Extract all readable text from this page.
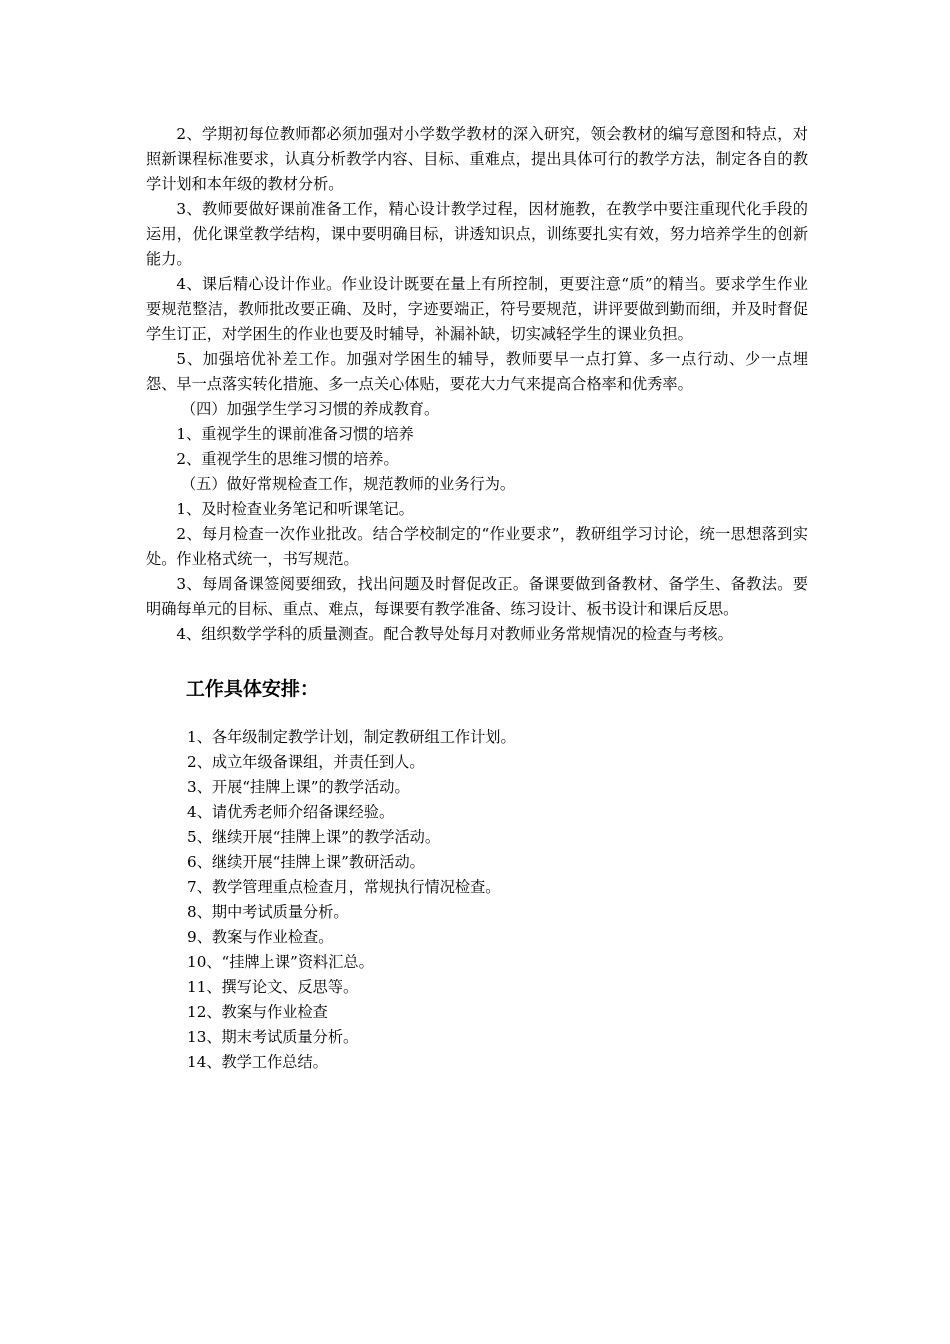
2、学期初每位教师都必须加强对小学数学教材的深入研究，领会教材的编写意图和特点，对照新课程标准要求，认真分析教学内容、目标、重难点，提出具体可行的教学方法，制定各自的教学计划和本年级的教材分析。

3、教师要做好课前准备工作，精心设计教学过程，因材施教，在教学中要注重现代化手段的运用，优化课堂教学结构，课中要明确目标，讲透知识点，训练要扎实有效，努力培养学生的创新能力。

4、课后精心设计作业。作业设计既要在量上有所控制，更要注意“质”的精当。要求学生作业要规范整洁，教师批改要正确、及时，字迹要端正，符号要规范，讲评要做到勤而细，并及时督促学生订正，对学困生的作业也要及时辅导，补漏补缺，切实减轻学生的课业负担。

5、加强培优补差工作。加强对学困生的辅导，教师要早一点打算、多一点行动、少一点埋怨、早一点落实转化措施、多一点关心体贴，要花大力气来提高合格率和优秀率。

（四）加强学生学习习惯的养成教育。

1、重视学生的课前准备习惯的培养

2、重视学生的思维习惯的培养。

（五）做好常规检查工作，规范教师的业务行为。

1、及时检查业务笔记和听课笔记。

2、每月检查一次作业批改。结合学校制定的“作业要求”，教研组学习讨论，统一思想落到实处。作业格式统一，书写规范。

3、每周备课签阅要细致，找出问题及时督促改正。备课要做到备教材、备学生、备教法。要明确每单元的目标、重点、难点，每课要有教学准备、练习设计、板书设计和课后反思。

4、组织数学学科的质量测查。配合教导处每月对教师业务常规情况的检查与考核。

工作具体安排：
1、各年级制定教学计划，制定教研组工作计划。
2、成立年级备课组，并责任到人。
3、开展“挂牌上课”的教学活动。
4、请优秀老师介绍备课经验。
5、继续开展“挂牌上课”的教学活动。
6、继续开展“挂牌上课”教研活动。
7、教学管理重点检查月，常规执行情况检查。
8、期中考试质量分析。
9、教案与作业检查。
10、“挂牌上课”资料汇总。
11、撰写论文、反思等。
12、教案与作业检查
13、期末考试质量分析。
14、教学工作总结。
